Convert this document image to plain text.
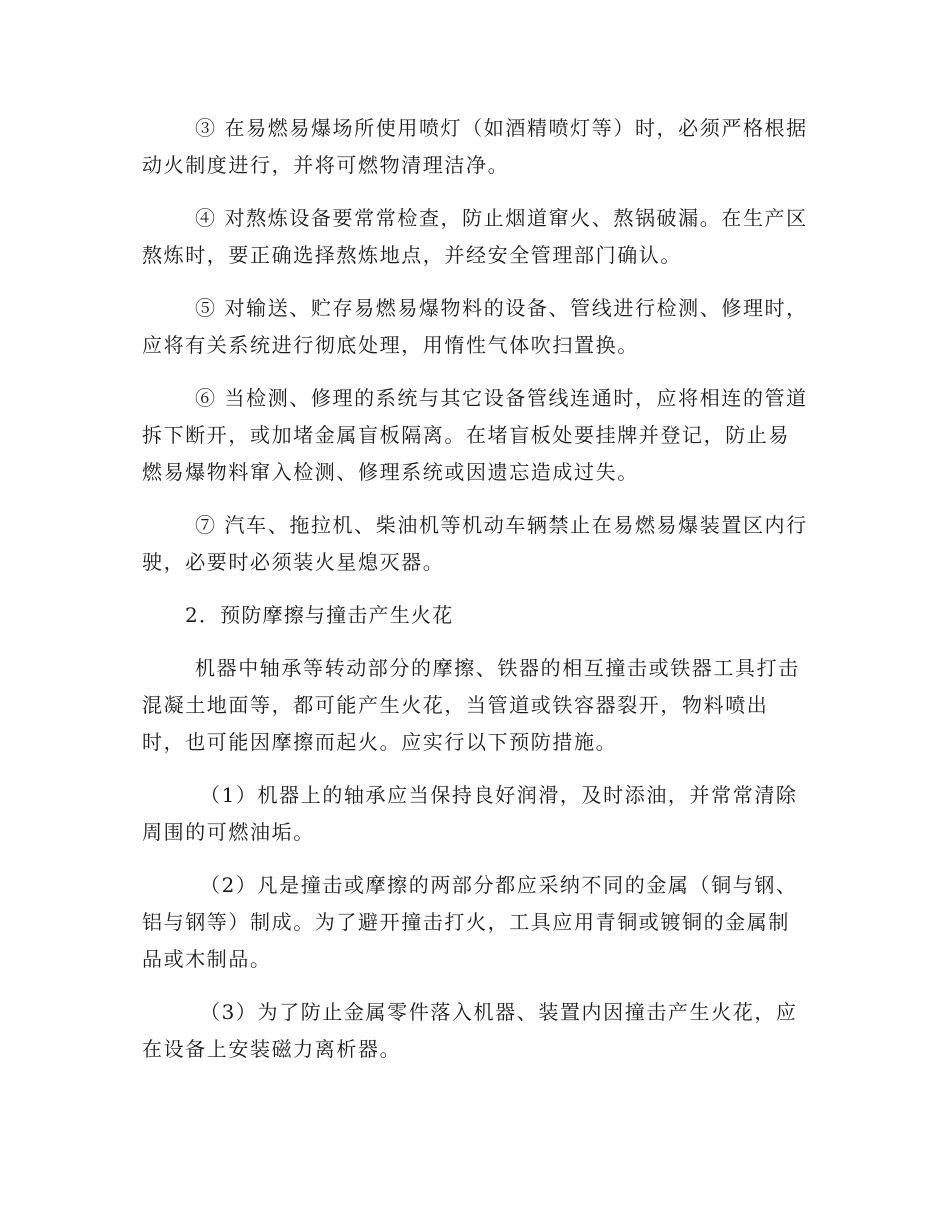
③ 在易燃易爆场所使用喷灯（如酒精喷灯等）时，必须严格根据
动火制度进行，并将可燃物清理洁净。
④ 对熬炼设备要常常检查，防止烟道窜火、熬锅破漏。在生产区
熬炼时，要正确选择熬炼地点，并经安全管理部门确认。
⑤ 对输送、贮存易燃易爆物料的设备、管线进行检测、修理时，
应将有关系统进行彻底处理，用惰性气体吹扫置换。
⑥ 当检测、修理的系统与其它设备管线连通时，应将相连的管道
拆下断开，或加堵金属盲板隔离。在堵盲板处要挂牌并登记，防止易
燃易爆物料窜入检测、修理系统或因遗忘造成过失。
⑦ 汽车、拖拉机、柴油机等机动车辆禁止在易燃易爆装置区内行
驶，必要时必须装火星熄灭器。
2．预防摩擦与撞击产生火花
机器中轴承等转动部分的摩擦、铁器的相互撞击或铁器工具打击
混凝土地面等，都可能产生火花，当管道或铁容器裂开，物料喷出
时，也可能因摩擦而起火。应实行以下预防措施。
（1）机器上的轴承应当保持良好润滑，及时添油，并常常清除
周围的可燃油垢。
（2）凡是撞击或摩擦的两部分都应采纳不同的金属（铜与钢、
铝与钢等）制成。为了避开撞击打火，工具应用青铜或镀铜的金属制
品或木制品。
（3）为了防止金属零件落入机器、装置内因撞击产生火花，应
在设备上安装磁力离析器。
